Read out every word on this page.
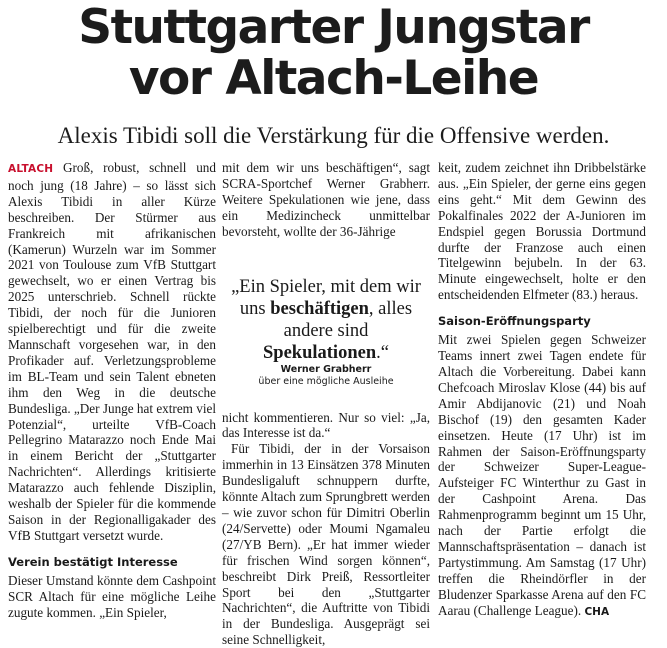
Stuttgarter Jungstar
vor Altach-Leihe
Alexis Tibidi soll die Verstärkung für die Offensive werden.

ALTACH Groß, robust, schnell und noch jung (18 Jahre) – so lässt sich Alexis Tibidi in aller Kürze beschreiben. Der Stürmer aus Frankreich mit afrikanischen (Kamerun) Wurzeln war im Sommer 2021 von Toulouse zum VfB Stuttgart gewechselt, wo er einen Vertrag bis 2025 unterschrieb. Schnell rückte Tibidi, der noch für die Junioren spielberechtigt und für die zweite Mannschaft vorgesehen war, in den Profikader auf. Verletzungsprobleme im BL-Team und sein Talent ebneten ihm den Weg in die deutsche Bundesliga. „Der Junge hat extrem viel Potenzial“, urteilte VfB-Coach Pellegrino Matarazzo noch Ende Mai in einem Bericht der „Stuttgarter Nachrichten“. Allerdings kritisierte Matarazzo auch fehlende Disziplin, weshalb der Spieler für die kommende Saison in der Regionalligakader des VfB Stuttgart versetzt wurde.

Verein bestätigt Interesse

Dieser Umstand könnte dem Cashpoint SCR Altach für eine mögliche Leihe zugute kommen. „Ein Spieler,

mit dem wir uns beschäftigen“, sagt SCRA-Sportchef Werner Grabherr. Weitere Spekulationen wie jene, dass ein Medizincheck unmittelbar bevorsteht, wollte der 36-Jährige

„Ein Spieler, mit dem wir uns beschäftigen, alles andere sind Spekulationen.“

Werner Grabherr

über eine mögliche Ausleihe

nicht kommentieren. Nur so viel: „Ja, das Interesse ist da.“

Für Tibidi, der in der Vorsaison immerhin in 13 Einsätzen 378 Minuten Bundesligaluft schnuppern durfte, könnte Altach zum Sprungbrett werden – wie zuvor schon für Dimitri Oberlin (24/Servette) oder Moumi Ngamaleu (27/YB Bern). „Er hat immer wieder für frischen Wind sorgen können“, beschreibt Dirk Preiß, Ressortleiter Sport bei den „Stuttgarter Nachrichten“, die Auftritte von Tibidi in der Bundesliga. Ausgeprägt sei seine Schnelligkeit,

keit, zudem zeichnet ihn Dribbelstärke aus. „Ein Spieler, der gerne eins gegen eins geht.“ Mit dem Gewinn des Pokalfinales 2022 der A-Junioren im Endspiel gegen Borussia Dortmund durfte der Franzose auch einen Titelgewinn bejubeln. In der 63. Minute eingewechselt, holte er den entscheidenden Elfmeter (83.) heraus.

Saison-Eröffnungsparty

Mit zwei Spielen gegen Schweizer Teams innert zwei Tagen endete für Altach die Vorbereitung. Dabei kann Chefcoach Miroslav Klose (44) bis auf Amir Abdijanovic (21) und Noah Bischof (19) den gesamten Kader einsetzen. Heute (17 Uhr) ist im Rahmen der Saison-Eröffnungsparty der Schweizer Super-League-Aufsteiger FC Winterthur zu Gast in der Cashpoint Arena. Das Rahmenprogramm beginnt um 15 Uhr, nach der Partie erfolgt die Mannschaftspräsentation – danach ist Partystimmung. Am Samstag (17 Uhr) treffen die Rheindörfler in der Bludenzer Sparkasse Arena auf den FC Aarau (Challenge League). CHA
